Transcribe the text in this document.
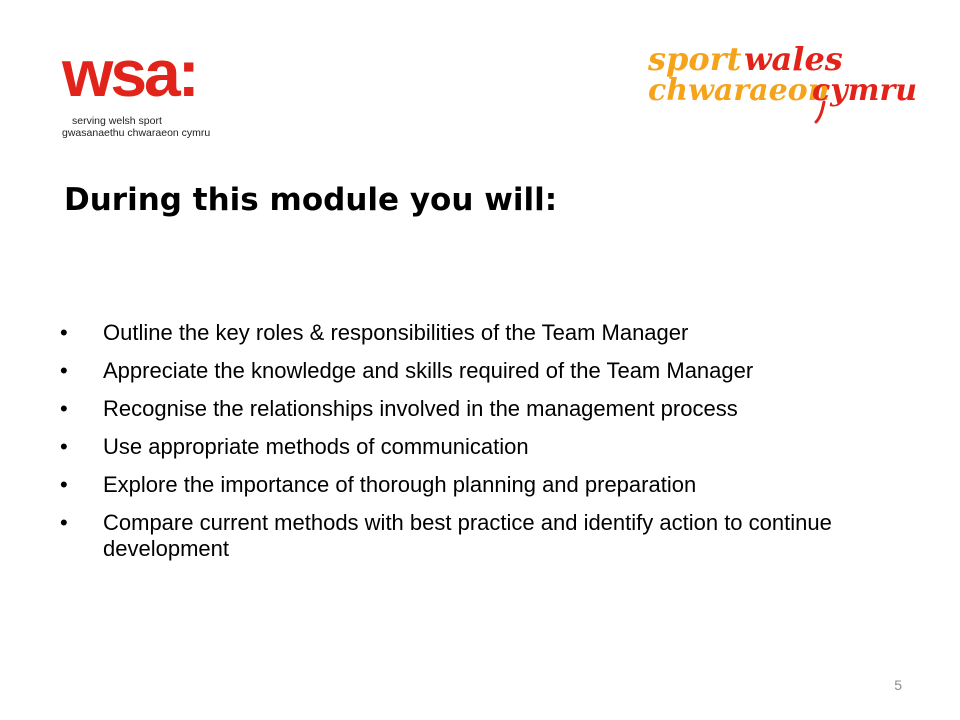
wsa:
serving welsh sport
gwasanaethu chwaraeon cymru
sport wales
chwaraeon
cymru
During this module you will:
•	Outline the key roles & responsibilities of the Team Manager
•	Appreciate the knowledge and skills required of the Team Manager
•	Recognise the relationships involved in the management process
•	Use appropriate methods of communication
•	Explore the importance of thorough planning and preparation
•	Compare current methods with best practice and identify action to continue development
5
